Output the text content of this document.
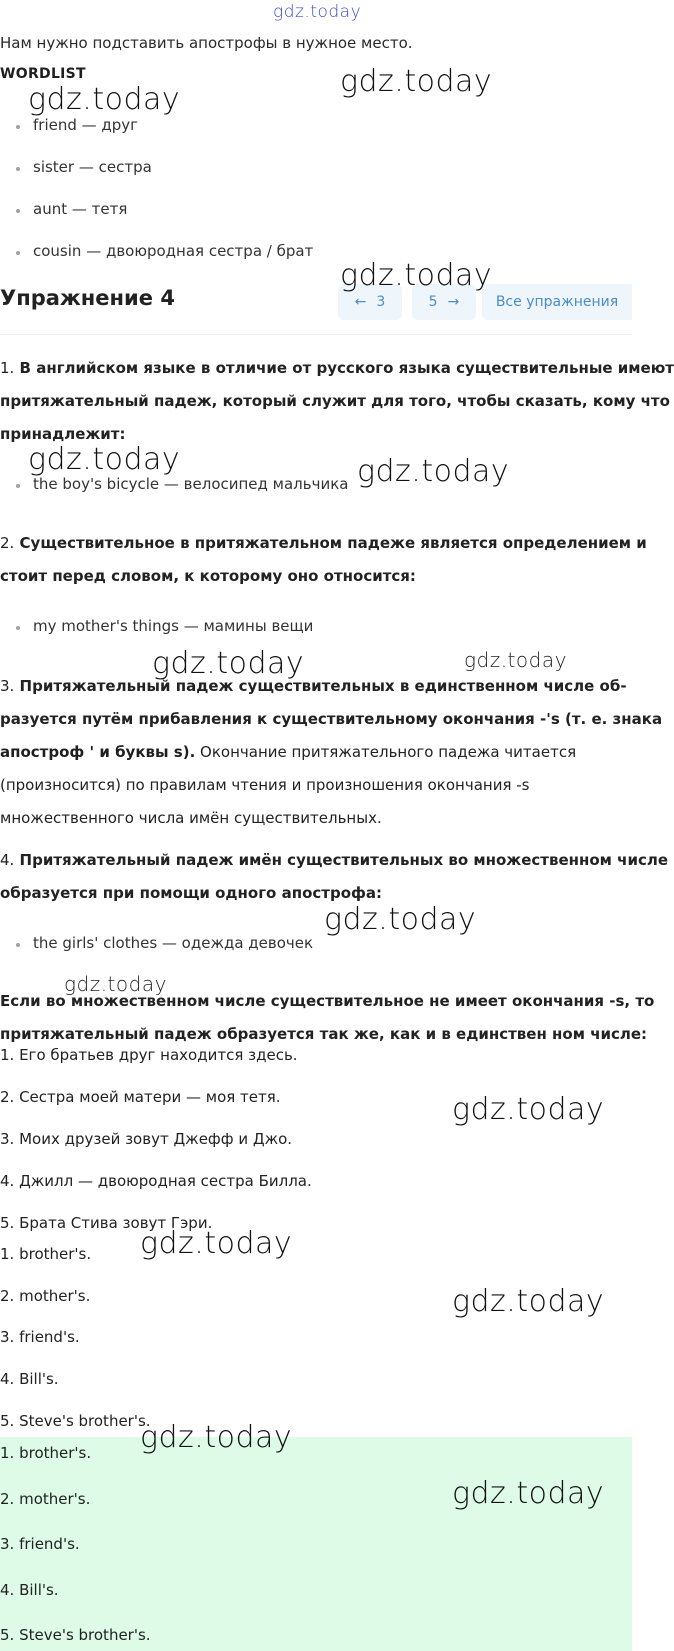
gdz.today
Нам нужно подставить апострофы в нужное место.
WORDLIST
friend — друг
sister — сестра
aunt — тетя
cousin — двоюродная сестра / брат
Упражнение 4	← 3	5 →	Все упражнения
1. В английском языке в отличие от русского языка существительные имеют
притяжательный падеж, который служит для того, чтобы сказать, кому что
принадлежит:
the boy's bicycle — велосипед мальчика
2. Существительное в притяжательном падеже является определением и
стоит перед словом, к которому оно относится:
my mother's things — мамины вещи
3. Притяжательный падеж существительных в единственном числе об-
разуется путём прибавления к существительному окончания -'s (т. е. знака
апостроф ' и буквы s). Окончание притяжательного падежа читается
(произносится) по правилам чтения и произношения окончания -s
множественного числа имён существительных.
4. Притяжательный падеж имён существительных во множественном числе
образуется при помощи одного апострофа:
the girls' clothes — одежда девочек
Если во множественном числе существительное не имеет окончания -s, то
притяжательный падеж образуется так же, как и в единствен ном числе:
1. Его братьев друг находится здесь.
2. Сестра моей матери — моя тетя.
3. Моих друзей зовут Джефф и Джо.
4. Джилл — двоюродная сестра Билла.
5. Брата Стива зовут Гэри.
1. brother's.
2. mother's.
3. friend's.
4. Bill's.
5. Steve's brother's.
1. brother's.
2. mother's.
3. friend's.
4. Bill's.
5. Steve's brother's.
gdz.today
gdz.today
gdz.today
gdz.today	gdz.today
gdz.today	gdz.today
gdz.today
gdz.today
gdz.today
gdz.today
gdz.today
gdz.today
gdz.today
